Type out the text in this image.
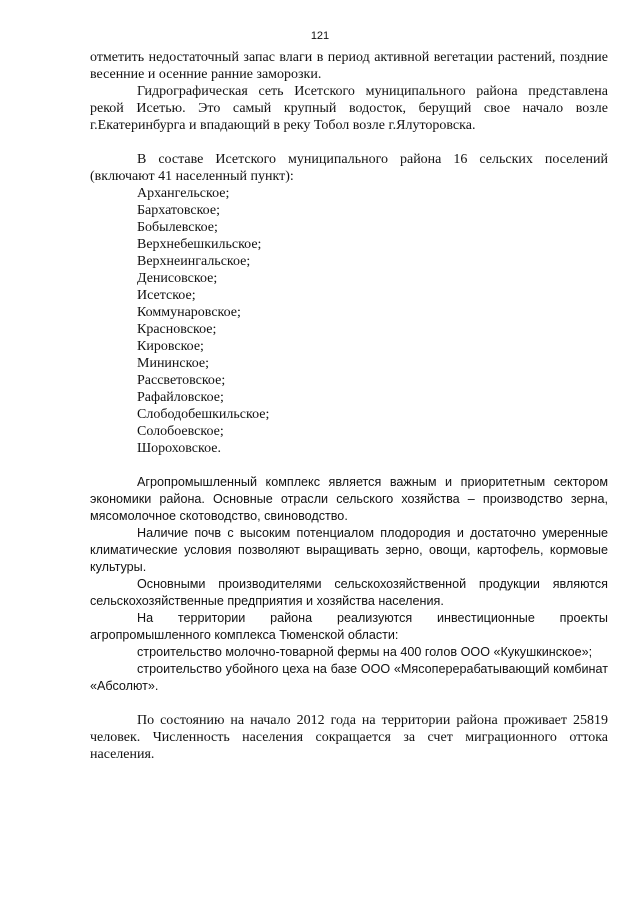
121

отметить недостаточный запас влаги в период активной вегетации растений, поздние весенние и осенние ранние заморозки.

Гидрографическая сеть Исетского муниципального района представлена рекой Исетью. Это самый крупный водосток, берущий свое начало возле г.Екатеринбурга и впадающий в реку Тобол возле г.Ялуторовска.

В составе Исетского муниципального района 16 сельских поселений (включают 41 населенный пункт):

Архангельское;
Бархатовское;
Бобылевское;
Верхнебешкильское;
Верхнеингальское;
Денисовское;
Исетское;
Коммунаровское;
Красновское;
Кировское;
Мининское;
Рассветовское;
Рафайловское;
Слободобешкильское;
Солобоевское;
Шороховское.

Агропромышленный комплекс является важным и приоритетным сектором экономики района. Основные отрасли сельского хозяйства – производство зерна, мясомолочное скотоводство, свиноводство.

Наличие почв с высоким потенциалом плодородия и достаточно умеренные климатические условия позволяют выращивать зерно, овощи, картофель, кормовые культуры.

Основными производителями сельскохозяйственной продукции являются сельскохозяйственные предприятия и хозяйства населения.

На территории района реализуются инвестиционные проекты агропромышленного комплекса Тюменской области:

строительство молочно-товарной фермы на 400 голов ООО «Кукушкинское»;

строительство убойного цеха на базе ООО «Мясоперерабатывающий комбинат «Абсолют».

По состоянию на начало 2012 года на территории района проживает 25819 человек. Численность населения сокращается за счет миграционного оттока населения.
